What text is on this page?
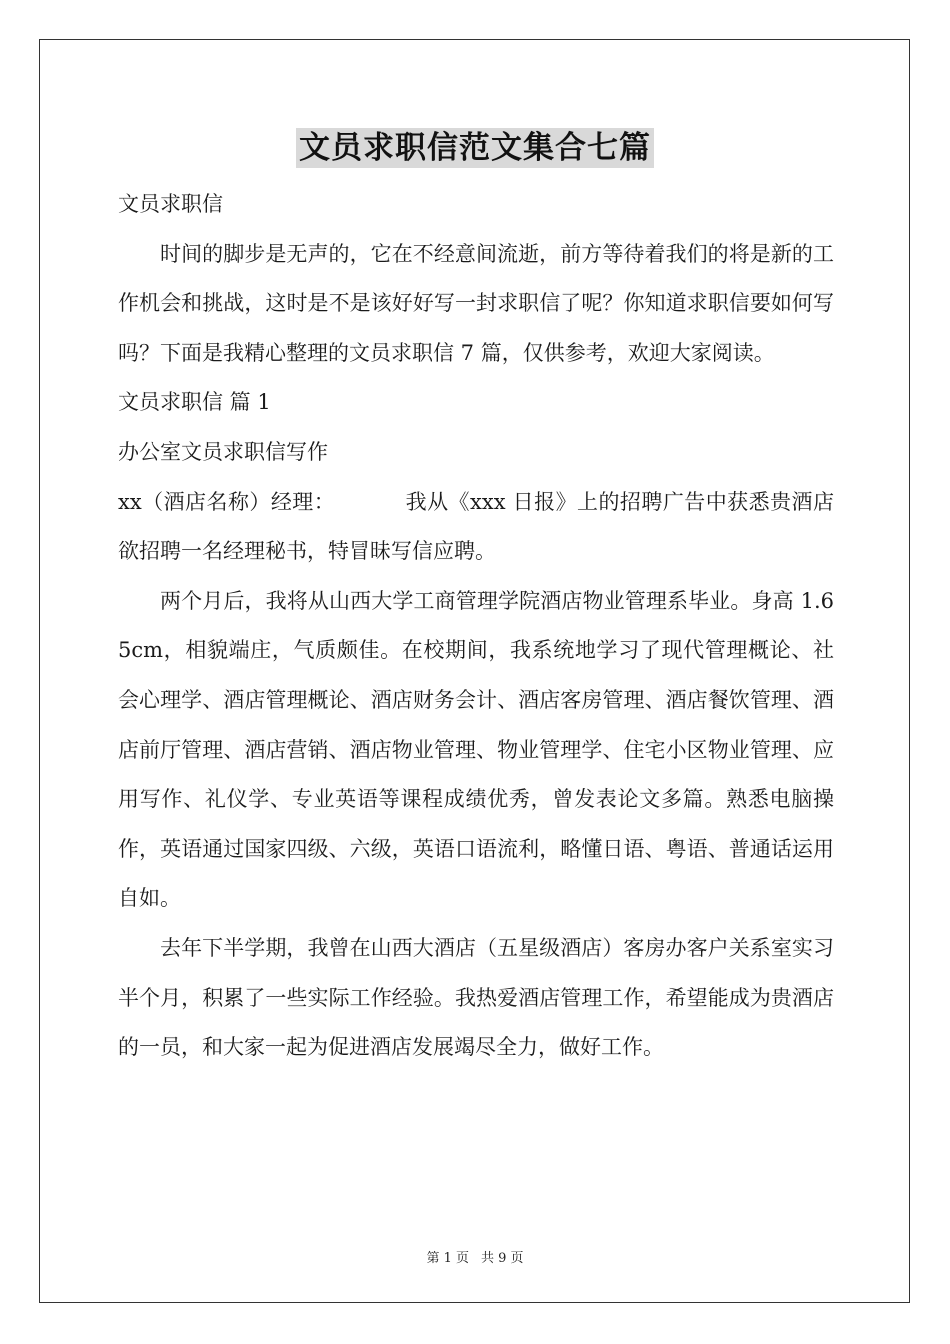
文员求职信范文集合七篇

文员求职信

时间的脚步是无声的，它在不经意间流逝，前方等待着我们的将是新的工作机会和挑战，这时是不是该好好写一封求职信了呢？你知道求职信要如何写吗？下面是我精心整理的文员求职信 7 篇，仅供参考，欢迎大家阅读。

文员求职信 篇 1

办公室文员求职信写作

xx（酒店名称）经理：	我从《xxx 日报》上的招聘广告中获悉贵酒店欲招聘一名经理秘书，特冒昧写信应聘。

两个月后，我将从山西大学工商管理学院酒店物业管理系毕业。身高 1.65cm，相貌端庄，气质颇佳。在校期间，我系统地学习了现代管理概论、社会心理学、酒店管理概论、酒店财务会计、酒店客房管理、酒店餐饮管理、酒店前厅管理、酒店营销、酒店物业管理、物业管理学、住宅小区物业管理、应用写作、礼仪学、专业英语等课程成绩优秀，曾发表论文多篇。熟悉电脑操作，英语通过国家四级、六级，英语口语流利，略懂日语、粤语、普通话运用自如。

去年下半学期，我曾在山西大酒店（五星级酒店）客房办客户关系室实习半个月，积累了一些实际工作经验。我热爱酒店管理工作，希望能成为贵酒店的一员，和大家一起为促进酒店发展竭尽全力，做好工作。

第 1 页 共 9 页
